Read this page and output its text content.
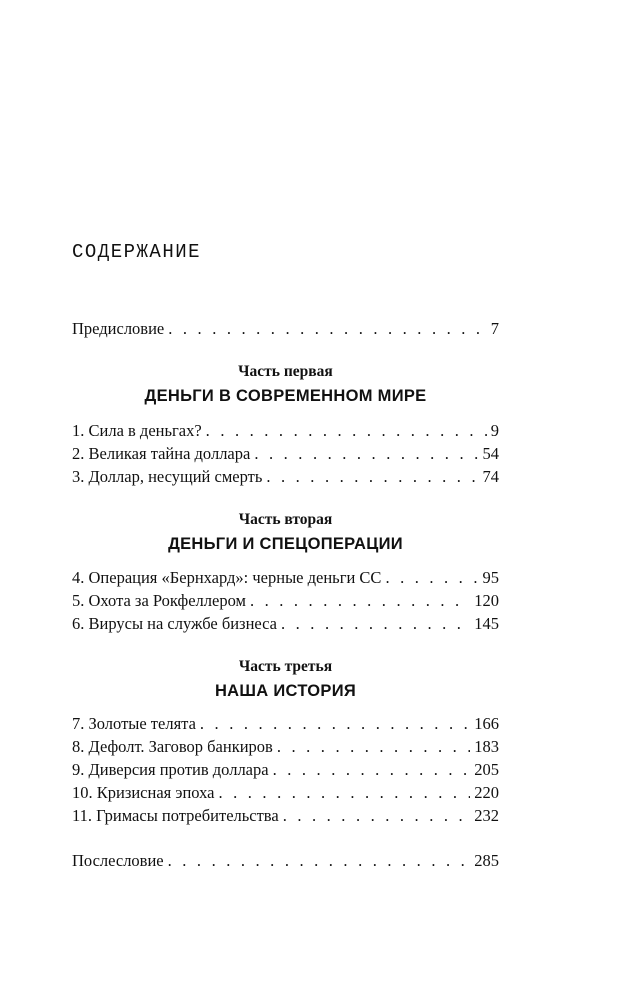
СОДЕРЖАНИЕ
Предисловие . . .	7
Часть первая
ДЕНЬГИ В СОВРЕМЕННОМ МИРЕ
1. Сила в деньгах? . . .	9
2. Великая тайна доллара . . .	54
3. Доллар, несущий смерть . . .	74
Часть вторая
ДЕНЬГИ И СПЕЦОПЕРАЦИИ
4. Операция «Бернхард»: черные деньги СС . . .	95
5. Охота за Рокфеллером . . .	120
6. Вирусы на службе бизнеса . . .	145
Часть третья
НАША ИСТОРИЯ
7. Золотые телята . . .	166
8. Дефолт. Заговор банкиров . . .	183
9. Диверсия против доллара . . .	205
10. Кризисная эпоха . . .	220
11. Гримасы потребительства . . .	232
Послесловие . . .	285
